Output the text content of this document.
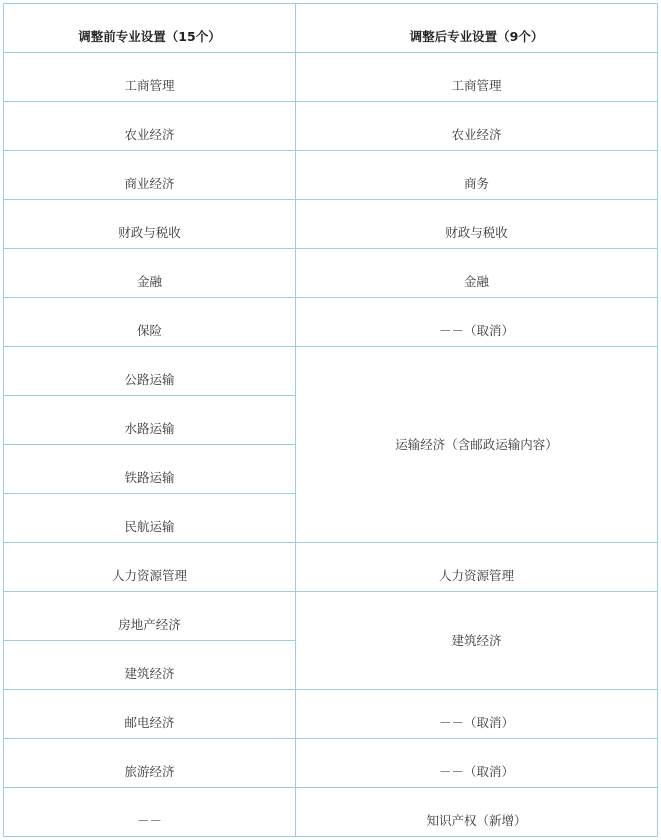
调整前专业设置（15个）	调整后专业设置（9个）
工商管理	工商管理
农业经济	农业经济
商业经济	商务
财政与税收	财政与税收
金融	金融
保险	－－（取消）
公路运输	运输经济（含邮政运输内容）
水路运输	
铁路运输	
民航运输	
人力资源管理	人力资源管理
房地产经济	建筑经济
建筑经济	
邮电经济	－－（取消）
旅游经济	－－（取消）
－－	知识产权（新增）
